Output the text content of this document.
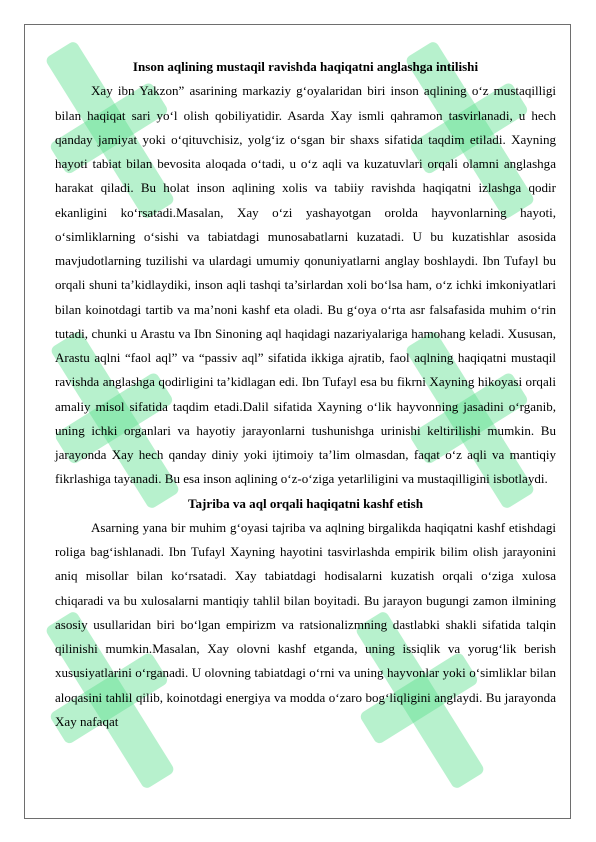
Inson aqlining mustaqil ravishda haqiqatni anglashga intilishi

Xay ibn Yakzon” asarining markaziy g‘oyalaridan biri inson aqlining o‘z mustaqilligi bilan haqiqat sari yo‘l olish qobiliyatidir. Asarda Xay ismli qahramon tasvirlanadi, u hech qanday jamiyat yoki o‘qituvchisiz, yolg‘iz o‘sgan bir shaxs sifatida taqdim etiladi. Xayning hayoti tabiat bilan bevosita aloqada o‘tadi, u o‘z aqli va kuzatuvlari orqali olamni anglashga harakat qiladi. Bu holat inson aqlining xolis va tabiiy ravishda haqiqatni izlashga qodir ekanligini ko‘rsatadi.Masalan, Xay o‘zi yashayotgan orolda hayvonlarning hayoti, o‘simliklarning o‘sishi va tabiatdagi munosabatlarni kuzatadi. U bu kuzatishlar asosida mavjudotlarning tuzilishi va ulardagi umumiy qonuniyatlarni anglay boshlaydi. Ibn Tufayl bu orqali shuni ta’kidlaydiki, inson aqli tashqi ta’sirlardan xoli bo‘lsa ham, o‘z ichki imkoniyatlari bilan koinotdagi tartib va ma’noni kashf eta oladi. Bu g‘oya o‘rta asr falsafasida muhim o‘rin tutadi, chunki u Arastu va Ibn Sinoning aql haqidagi nazariyalariga hamohang keladi. Xususan, Arastu aqlni “faol aql” va “passiv aql” sifatida ikkiga ajratib, faol aqlning haqiqatni mustaqil ravishda anglashga qodirligini ta’kidlagan edi. Ibn Tufayl esa bu fikrni Xayning hikoyasi orqali amaliy misol sifatida taqdim etadi.Dalil sifatida Xayning o‘lik hayvonning jasadini o‘rganib, uning ichki organlari va hayotiy jarayonlarni tushunishga urinishi keltirilishi mumkin. Bu jarayonda Xay hech qanday diniy yoki ijtimoiy ta’lim olmasdan, faqat o‘z aqli va mantiqiy fikrlashiga tayanadi. Bu esa inson aqlining o‘z-o‘ziga yetarliligini va mustaqilligini isbotlaydi.

Tajriba va aql orqali haqiqatni kashf etish

Asarning yana bir muhim g‘oyasi tajriba va aqlning birgalikda haqiqatni kashf etishdagi roliga bag‘ishlanadi. Ibn Tufayl Xayning hayotini tasvirlashda empirik bilim olish jarayonini aniq misollar bilan ko‘rsatadi. Xay tabiatdagi hodisalarni kuzatish orqali o‘ziga xulosa chiqaradi va bu xulosalarni mantiqiy tahlil bilan boyitadi. Bu jarayon bugungi zamon ilmining asosiy usullaridan biri bo‘lgan empirizm va ratsionalizmning dastlabki shakli sifatida talqin qilinishi mumkin.Masalan, Xay olovni kashf etganda, uning issiqlik va yorug‘lik berish xususiyatlarini o‘rganadi. U olovning tabiatdagi o‘rni va uning hayvonlar yoki o‘simliklar bilan aloqasini tahlil qilib, koinotdagi energiya va modda o‘zaro bog‘liqligini anglaydi. Bu jarayonda Xay nafaqat
